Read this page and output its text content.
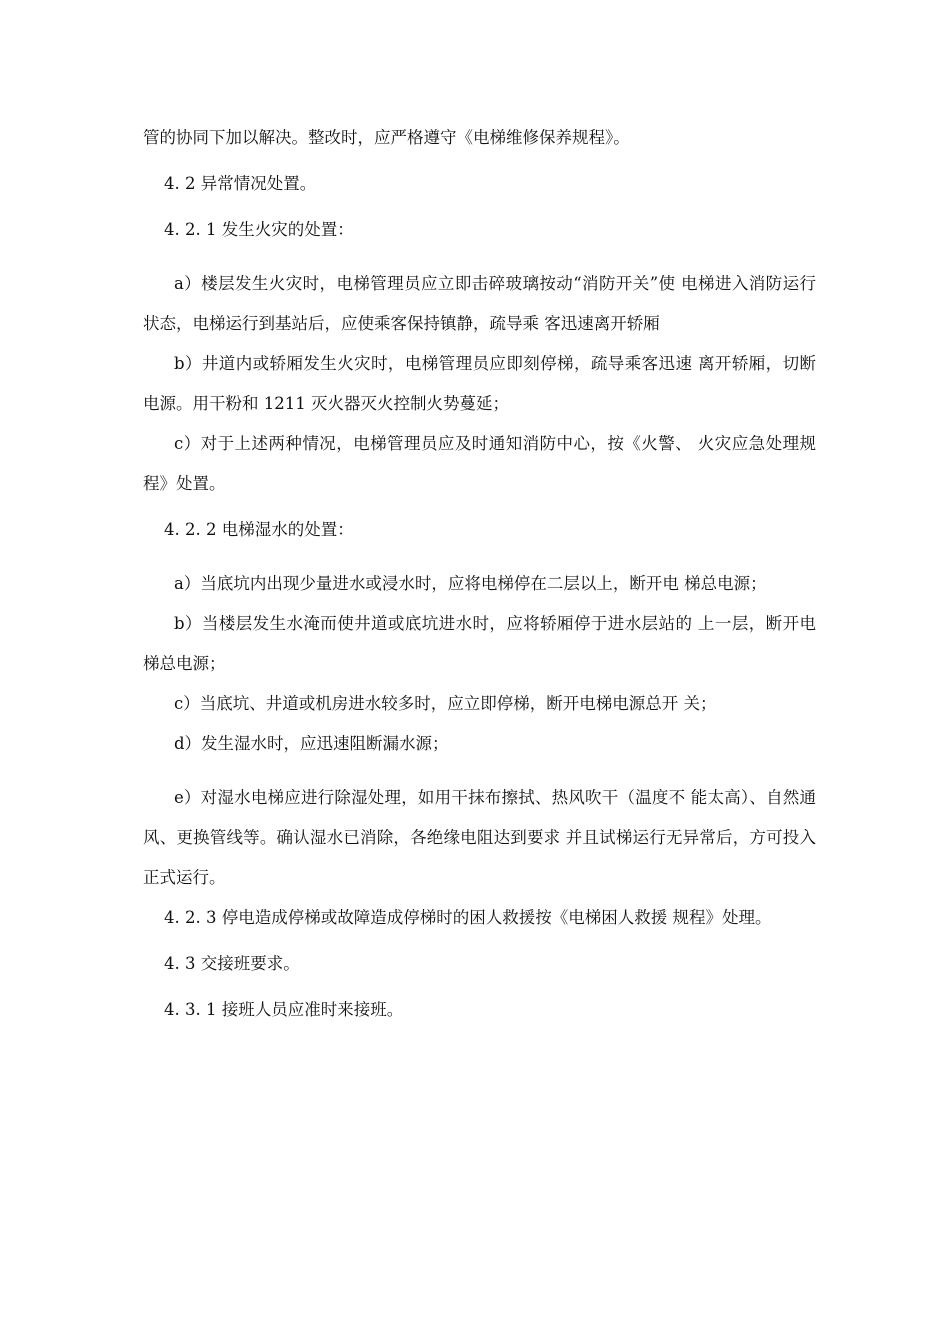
管的协同下加以解决。整改时，应严格遵守《电梯维修保养规程》。

4. 2 异常情况处置。

4. 2. 1 发生火灾的处置：

a）楼层发生火灾时，电梯管理员应立即击碎玻璃按动“消防开关”使 电梯进入消防运行状态，电梯运行到基站后，应使乘客保持镇静，疏导乘 客迅速离开轿厢

b）井道内或轿厢发生火灾时，电梯管理员应即刻停梯，疏导乘客迅速 离开轿厢，切断电源。用干粉和 1211 灭火器灭火控制火势蔓延；

c）对于上述两种情况，电梯管理员应及时通知消防中心，按《火警、 火灾应急处理规程》处置。

4. 2. 2 电梯湿水的处置：

a）当底坑内出现少量进水或浸水时，应将电梯停在二层以上，断开电 梯总电源；

b）当楼层发生水淹而使井道或底坑进水时，应将轿厢停于进水层站的 上一层，断开电梯总电源；

c）当底坑、井道或机房进水较多时，应立即停梯，断开电梯电源总开 关；

d）发生湿水时，应迅速阻断漏水源；

e）对湿水电梯应进行除湿处理，如用干抹布擦拭、热风吹干（温度不 能太高）、自然通风、更换管线等。确认湿水已消除，各绝缘电阻达到要求 并且试梯运行无异常后，方可投入正式运行。

4. 2. 3 停电造成停梯或故障造成停梯时的困人救援按《电梯困人救援 规程》处理。

4. 3 交接班要求。

4. 3. 1 接班人员应准时来接班。
